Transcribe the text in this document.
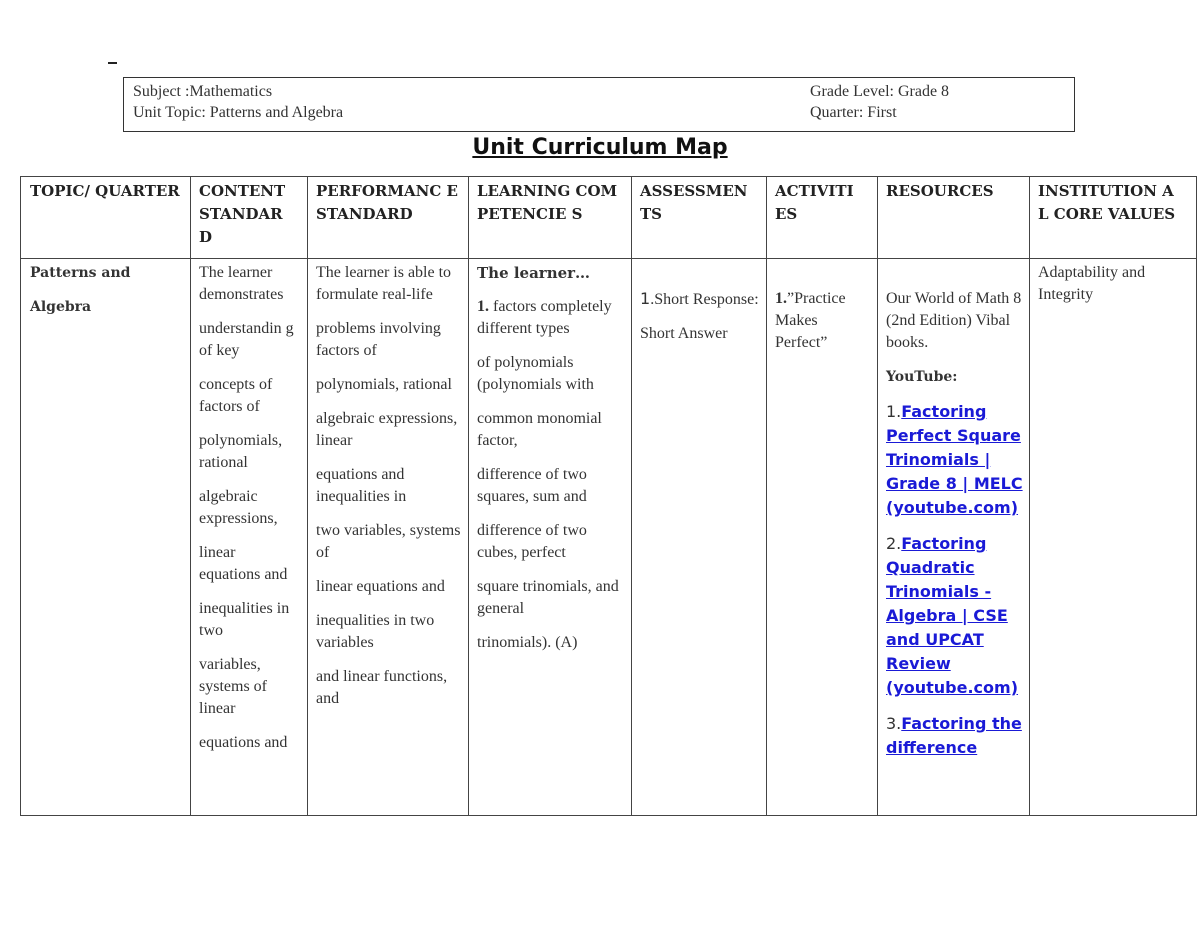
Subject :Mathematics
Unit Topic: Patterns and Algebra
Grade Level: Grade 8
Quarter: First
Unit Curriculum Map
TOPIC/ QUARTER CONTENT STANDAR D
PERFORMANC E STANDARD
LEARNING COMPETENCIE S
ASSESSMEN TS
ACTIVITI ES
RESOURCES	INSTITUTION AL CORE VALUES
Patterns and
Algebra
The learner demonstrates
understandin g of key
concepts of factors of
polynomials, rational
algebraic expressions,
linear equations and
inequalities in two
variables, systems of linear
equations and
The learner is able to formulate real-life
problems involving factors of
polynomials, rational
algebraic expressions, linear
equations and inequalities in
two variables, systems of
linear equations and
inequalities in two variables
and linear functions, and
The learner…
1. factors completely different types
of polynomials (polynomials with
common monomial factor,
difference of two squares, sum and
difference of two cubes, perfect
square trinomials, and general
trinomials). (A)
1.Short Response:
Short Answer
1.”Practice Makes Perfect”
Our World of Math 8 (2nd Edition) Vibal books.
YouTube:
1.Factoring Perfect Square Trinomials | Grade 8 | MELC (youtube.com)
2.Factoring Quadratic Trinomials - Algebra | CSE and UPCAT Review (youtube.com)
3.Factoring the difference
Adaptability and Integrity
